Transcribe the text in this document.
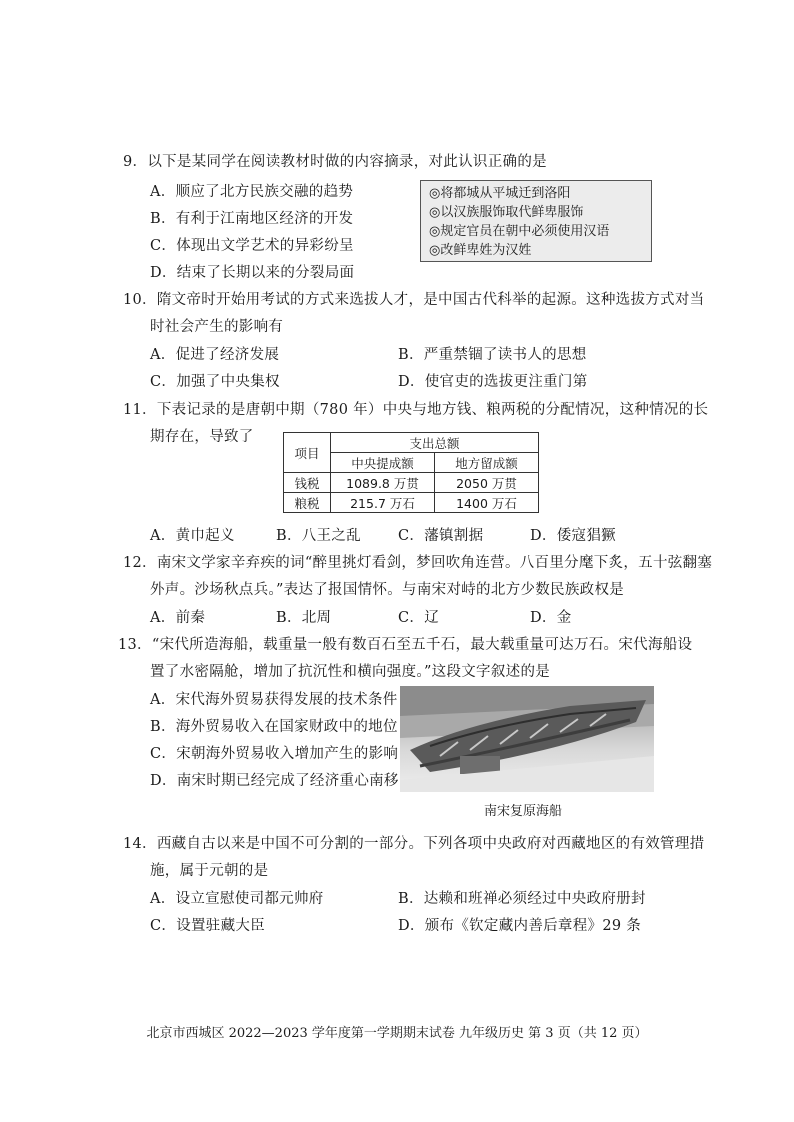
9．以下是某同学在阅读教材时做的内容摘录，对此认识正确的是
A．顺应了北方民族交融的趋势
B．有利于江南地区经济的开发
C．体现出文学艺术的异彩纷呈
D．结束了长期以来的分裂局面
◎将都城从平城迁到洛阳
◎以汉族服饰取代鲜卑服饰
◎规定官员在朝中必须使用汉语
◎改鲜卑姓为汉姓
10．隋文帝时开始用考试的方式来选拔人才，是中国古代科举的起源。这种选拔方式对当
时社会产生的影响有
A．促进了经济发展	B．严重禁锢了读书人的思想
C．加强了中央集权	D．使官吏的选拔更注重门第
11．下表记录的是唐朝中期（780 年）中央与地方钱、粮两税的分配情况，这种情况的长
期存在，导致了
项目	支出总额	
	中央提成额	地方留成额
钱税	1089.8 万贯	2050 万贯
粮税	215.7 万石	1400 万石
A．黄巾起义	B．八王之乱	C．藩镇割据	D．倭寇猖獗
12．南宋文学家辛弃疾的词“醉里挑灯看剑，梦回吹角连营。八百里分麾下炙，五十弦翻塞
外声。沙场秋点兵。”表达了报国情怀。与南宋对峙的北方少数民族政权是
A．前秦	B．北周	C．辽	D．金
13．“宋代所造海船，载重量一般有数百石至五千石，最大载重量可达万石。宋代海船设
置了水密隔舱，增加了抗沉性和横向强度。”这段文字叙述的是
A．宋代海外贸易获得发展的技术条件
B．海外贸易收入在国家财政中的地位
C．宋朝海外贸易收入增加产生的影响
D．南宋时期已经完成了经济重心南移
南宋复原海船
14．西藏自古以来是中国不可分割的一部分。下列各项中央政府对西藏地区的有效管理措
施，属于元朝的是
A．设立宣慰使司都元帅府	B．达赖和班禅必须经过中央政府册封
C．设置驻藏大臣	D．颁布《钦定藏内善后章程》29 条
北京市西城区 2022—2023 学年度第一学期期末试卷 九年级历史 第 3 页（共 12 页）
